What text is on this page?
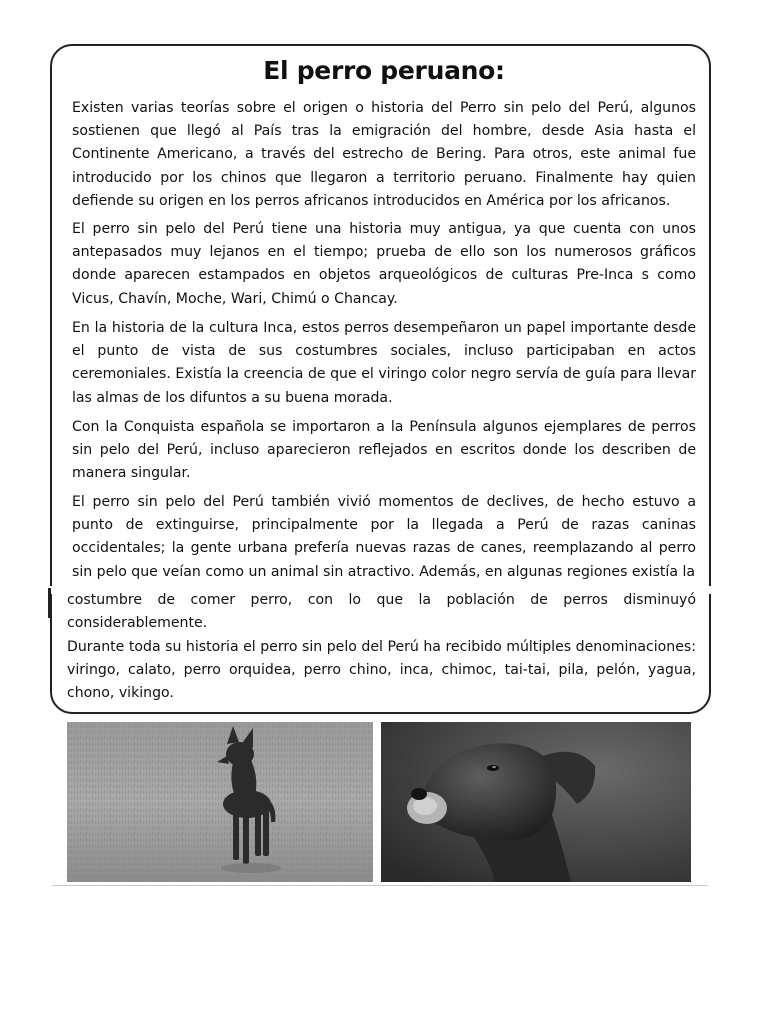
El perro peruano:

Existen varias teorías sobre el origen o historia del Perro sin pelo del Perú, algunos sostienen que llegó al País tras la emigración del hombre, desde Asia hasta el Continente Americano, a través del estrecho de Bering. Para otros, este animal fue introducido por los chinos que llegaron a territorio peruano. Finalmente hay quien defiende su origen en los perros africanos introducidos en América por los africanos.

El perro sin pelo del Perú tiene una historia muy antigua, ya que cuenta con unos antepasados muy lejanos en el tiempo; prueba de ello son los numerosos gráficos donde aparecen estampados en objetos arqueológicos de culturas Pre-Inca s como Vicus, Chavín, Moche, Wari, Chimú o Chancay.

En la historia de la cultura Inca, estos perros desempeñaron un papel importante desde el punto de vista de sus costumbres sociales, incluso participaban en actos ceremoniales. Existía la creencia de que el viringo color negro servía de guía para llevar las almas de los difuntos a su buena morada.

Con la Conquista española se importaron a la Península algunos ejemplares de perros sin pelo del Perú, incluso aparecieron reflejados en escritos donde los describen de manera singular.

El perro sin pelo del Perú también vivió momentos de declives, de hecho estuvo a punto de extinguirse, principalmente por la llegada a Perú de razas caninas occidentales; la gente urbana prefería nuevas razas de canes, reemplazando al perro sin pelo que veían como un animal sin atractivo. Además, en algunas regiones existía la

costumbre de comer perro, con lo que la población de perros disminuyó considerablemente.

Durante toda su historia el perro sin pelo del Perú ha recibido múltiples denominaciones: viringo, calato, perro orquidea, perro chino, inca, chimoc, tai-tai, pila, pelón, yagua, chono, vikingo.
